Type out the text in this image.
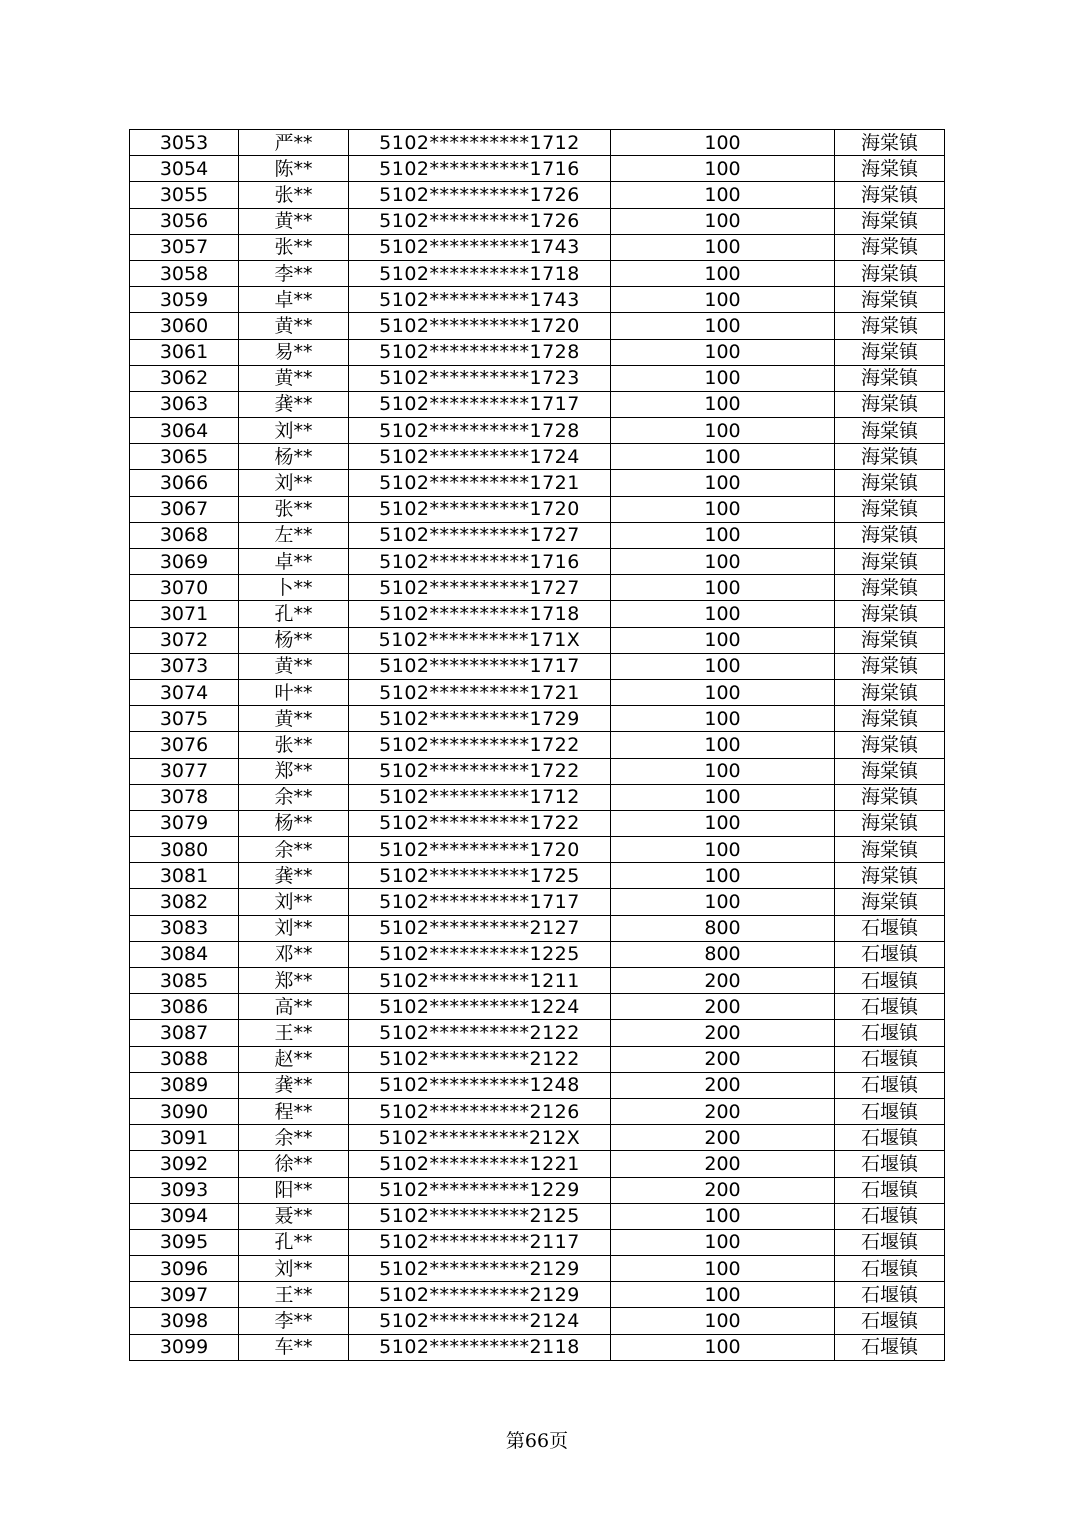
3053	严**	5102**********1712	100	海棠镇
3054	陈**	5102**********1716	100	海棠镇
3055	张**	5102**********1726	100	海棠镇
3056	黄**	5102**********1726	100	海棠镇
3057	张**	5102**********1743	100	海棠镇
3058	李**	5102**********1718	100	海棠镇
3059	卓**	5102**********1743	100	海棠镇
3060	黄**	5102**********1720	100	海棠镇
3061	易**	5102**********1728	100	海棠镇
3062	黄**	5102**********1723	100	海棠镇
3063	龚**	5102**********1717	100	海棠镇
3064	刘**	5102**********1728	100	海棠镇
3065	杨**	5102**********1724	100	海棠镇
3066	刘**	5102**********1721	100	海棠镇
3067	张**	5102**********1720	100	海棠镇
3068	左**	5102**********1727	100	海棠镇
3069	卓**	5102**********1716	100	海棠镇
3070	卜**	5102**********1727	100	海棠镇
3071	孔**	5102**********1718	100	海棠镇
3072	杨**	5102**********171X	100	海棠镇
3073	黄**	5102**********1717	100	海棠镇
3074	叶**	5102**********1721	100	海棠镇
3075	黄**	5102**********1729	100	海棠镇
3076	张**	5102**********1722	100	海棠镇
3077	郑**	5102**********1722	100	海棠镇
3078	余**	5102**********1712	100	海棠镇
3079	杨**	5102**********1722	100	海棠镇
3080	余**	5102**********1720	100	海棠镇
3081	龚**	5102**********1725	100	海棠镇
3082	刘**	5102**********1717	100	海棠镇
3083	刘**	5102**********2127	800	石堰镇
3084	邓**	5102**********1225	800	石堰镇
3085	郑**	5102**********1211	200	石堰镇
3086	高**	5102**********1224	200	石堰镇
3087	王**	5102**********2122	200	石堰镇
3088	赵**	5102**********2122	200	石堰镇
3089	龚**	5102**********1248	200	石堰镇
3090	程**	5102**********2126	200	石堰镇
3091	余**	5102**********212X	200	石堰镇
3092	徐**	5102**********1221	200	石堰镇
3093	阳**	5102**********1229	200	石堰镇
3094	聂**	5102**********2125	100	石堰镇
3095	孔**	5102**********2117	100	石堰镇
3096	刘**	5102**********2129	100	石堰镇
3097	王**	5102**********2129	100	石堰镇
3098	李**	5102**********2124	100	石堰镇
3099	车**	5102**********2118	100	石堰镇
第66页
